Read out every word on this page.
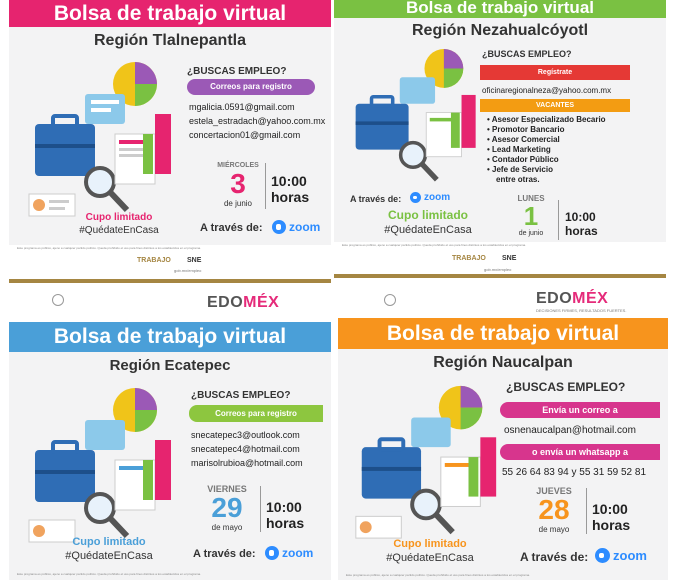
Bolsa de trabajo virtual
Región Tlalnepantla
¿BUSCAS EMPLEO?
Correos para registro
mgalicia.0591@gmail.com
estela_estradach@yahoo.com.mx
concertacion01@gmail.com
MIÉRCOLES
3
de junio
10:00
horas
Cupo limitado
#QuédateEnCasa	A través de: zoom
Este programa es público, ajeno a cualquier partido político. Queda prohibido el uso para fines distintos a los establecidos en el programa.
TRABAJO SNE
gob.mx/empleo
Bolsa de trabajo virtual
Región Nezahualcóyotl
¿BUSCAS EMPLEO?
Regístrate
oficinaregionalneza@yahoo.com.mx
VACANTES
• Asesor Especializado Becario
• Promotor Bancario
• Asesor Comercial
• Lead Marketing
• Contador Público
• Jefe de Servicio
entre otras.
A través de: zoom
Cupo limitado
#QuédateEnCasa
LUNES
1
de junio
10:00
horas
Este programa es público, ajeno a cualquier partido político. Queda prohibido el uso para fines distintos a los establecidos en el programa.
TRABAJO SNE
gob.mx/empleo
EDOMÉX	EDOMÉX
DECISIONES FIRMES, RESULTADOS FUERTES.
Bolsa de trabajo virtual
Región Ecatepec
¿BUSCAS EMPLEO?
Correos para registro
snecatepec3@outlook.com
snecatepec4@hotmail.com
marisolrubioa@hotmail.com
VIERNES
29
de mayo
10:00
horas
Cupo limitado
#QuédateEnCasa	A través de: zoom
Este programa es público, ajeno a cualquier partido político. Queda prohibido el uso para fines distintos a los establecidos en el programa.
Bolsa de trabajo virtual
Región Naucalpan
¿BUSCAS EMPLEO?
Envía un correo a
osnenaucalpan@hotmail.com
o envía un whatsapp a
55 26 64 83 94 y 55 31 59 52 81
JUEVES
28
de mayo
10:00
horas
Cupo limitado
#QuédateEnCasa	A través de: zoom
Este programa es público, ajeno a cualquier partido político. Queda prohibido el uso para fines distintos a los establecidos en el programa.
